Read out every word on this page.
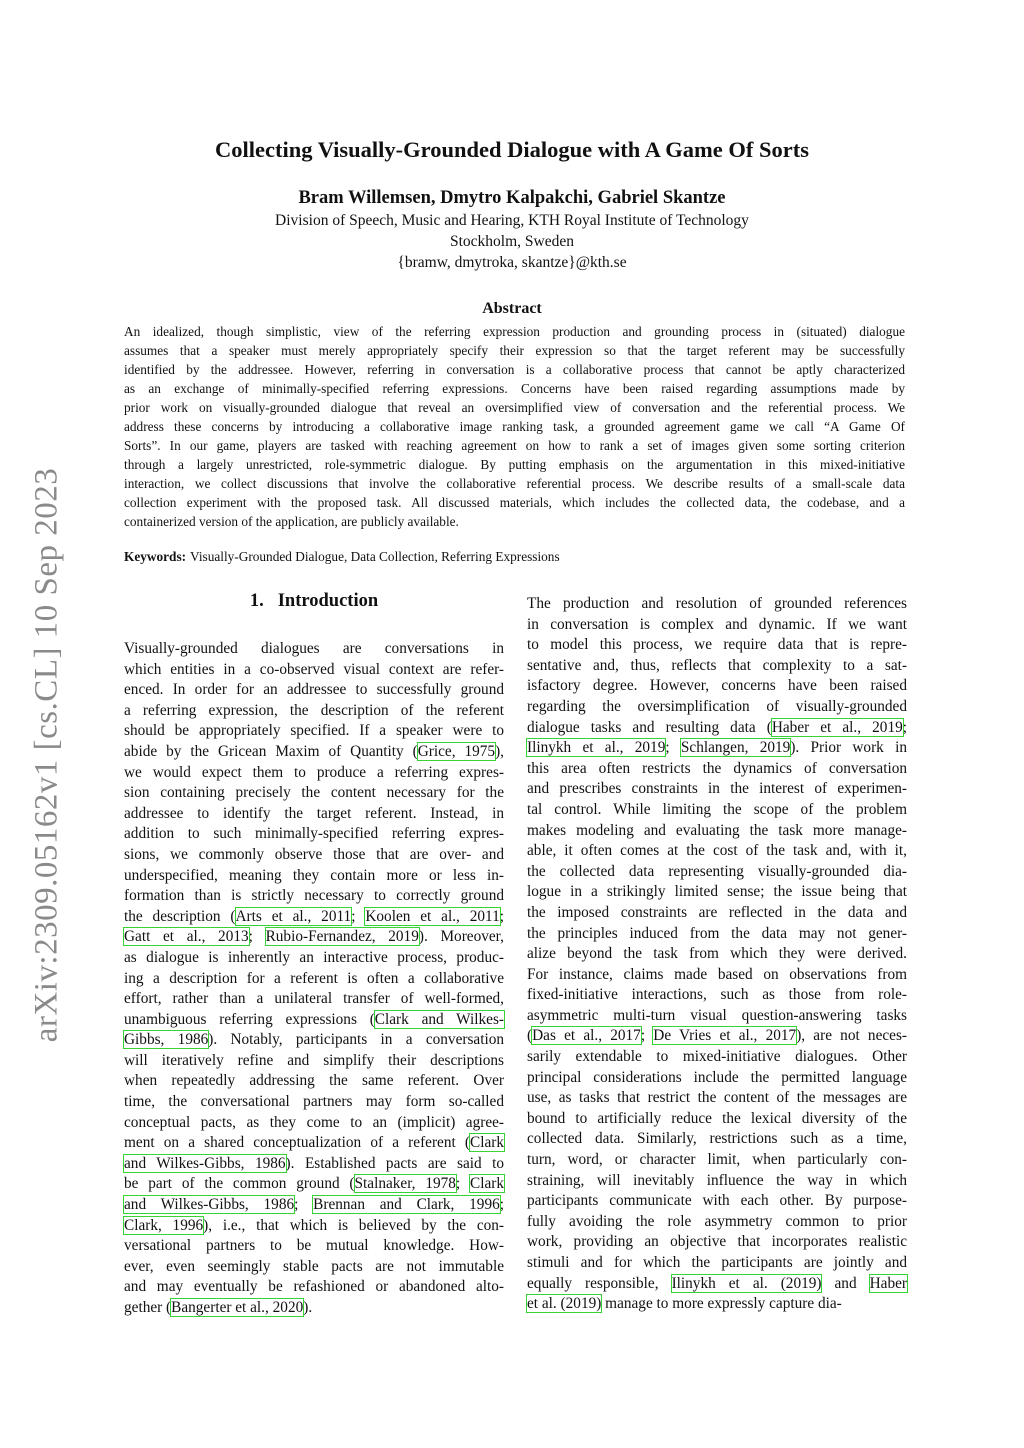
arXiv:2309.05162v1 [cs.CL] 10 Sep 2023
Collecting Visually-Grounded Dialogue with A Game Of Sorts
Bram Willemsen, Dmytro Kalpakchi, Gabriel Skantze
Division of Speech, Music and Hearing, KTH Royal Institute of Technology
Stockholm, Sweden
{bramw, dmytroka, skantze}@kth.se
Abstract
An idealized, though simplistic, view of the referring expression production and grounding process in (situated) dialogue
assumes that a speaker must merely appropriately specify their expression so that the target referent may be successfully
identified by the addressee. However, referring in conversation is a collaborative process that cannot be aptly characterized
as an exchange of minimally-specified referring expressions. Concerns have been raised regarding assumptions made by
prior work on visually-grounded dialogue that reveal an oversimplified view of conversation and the referential process. We
address these concerns by introducing a collaborative image ranking task, a grounded agreement game we call “A Game Of
Sorts”. In our game, players are tasked with reaching agreement on how to rank a set of images given some sorting criterion
through a largely unrestricted, role-symmetric dialogue. By putting emphasis on the argumentation in this mixed-initiative
interaction, we collect discussions that involve the collaborative referential process. We describe results of a small-scale data
collection experiment with the proposed task. All discussed materials, which includes the collected data, the codebase, and a
containerized version of the application, are publicly available.
Keywords: Visually-Grounded Dialogue, Data Collection, Referring Expressions
1. Introduction
Visually-grounded dialogues are conversations in
which entities in a co-observed visual context are refer-
enced. In order for an addressee to successfully ground
a referring expression, the description of the referent
should be appropriately specified. If a speaker were to
abide by the Gricean Maxim of Quantity (Grice, 1975),
we would expect them to produce a referring expres-
sion containing precisely the content necessary for the
addressee to identify the target referent. Instead, in
addition to such minimally-specified referring expres-
sions, we commonly observe those that are over- and
underspecified, meaning they contain more or less in-
formation than is strictly necessary to correctly ground
the description (Arts et al., 2011; Koolen et al., 2011;
Gatt et al., 2013; Rubio-Fernandez, 2019). Moreover,
as dialogue is inherently an interactive process, produc-
ing a description for a referent is often a collaborative
effort, rather than a unilateral transfer of well-formed,
unambiguous referring expressions (Clark and Wilkes-
Gibbs, 1986). Notably, participants in a conversation
will iteratively refine and simplify their descriptions
when repeatedly addressing the same referent. Over
time, the conversational partners may form so-called
conceptual pacts, as they come to an (implicit) agree-
ment on a shared conceptualization of a referent (Clark
and Wilkes-Gibbs, 1986). Established pacts are said to
be part of the common ground (Stalnaker, 1978; Clark
and Wilkes-Gibbs, 1986; Brennan and Clark, 1996;
Clark, 1996), i.e., that which is believed by the con-
versational partners to be mutual knowledge. How-
ever, even seemingly stable pacts are not immutable
and may eventually be refashioned or abandoned alto-
gether (Bangerter et al., 2020).
The production and resolution of grounded references
in conversation is complex and dynamic. If we want
to model this process, we require data that is repre-
sentative and, thus, reflects that complexity to a sat-
isfactory degree. However, concerns have been raised
regarding the oversimplification of visually-grounded
dialogue tasks and resulting data (Haber et al., 2019;
Ilinykh et al., 2019; Schlangen, 2019). Prior work in
this area often restricts the dynamics of conversation
and prescribes constraints in the interest of experimen-
tal control. While limiting the scope of the problem
makes modeling and evaluating the task more manage-
able, it often comes at the cost of the task and, with it,
the collected data representing visually-grounded dia-
logue in a strikingly limited sense; the issue being that
the imposed constraints are reflected in the data and
the principles induced from the data may not gener-
alize beyond the task from which they were derived.
For instance, claims made based on observations from
fixed-initiative interactions, such as those from role-
asymmetric multi-turn visual question-answering tasks
(Das et al., 2017; De Vries et al., 2017), are not neces-
sarily extendable to mixed-initiative dialogues. Other
principal considerations include the permitted language
use, as tasks that restrict the content of the messages are
bound to artificially reduce the lexical diversity of the
collected data. Similarly, restrictions such as a time,
turn, word, or character limit, when particularly con-
straining, will inevitably influence the way in which
participants communicate with each other. By purpose-
fully avoiding the role asymmetry common to prior
work, providing an objective that incorporates realistic
stimuli and for which the participants are jointly and
equally responsible, Ilinykh et al. (2019) and Haber
et al. (2019) manage to more expressly capture dia-
